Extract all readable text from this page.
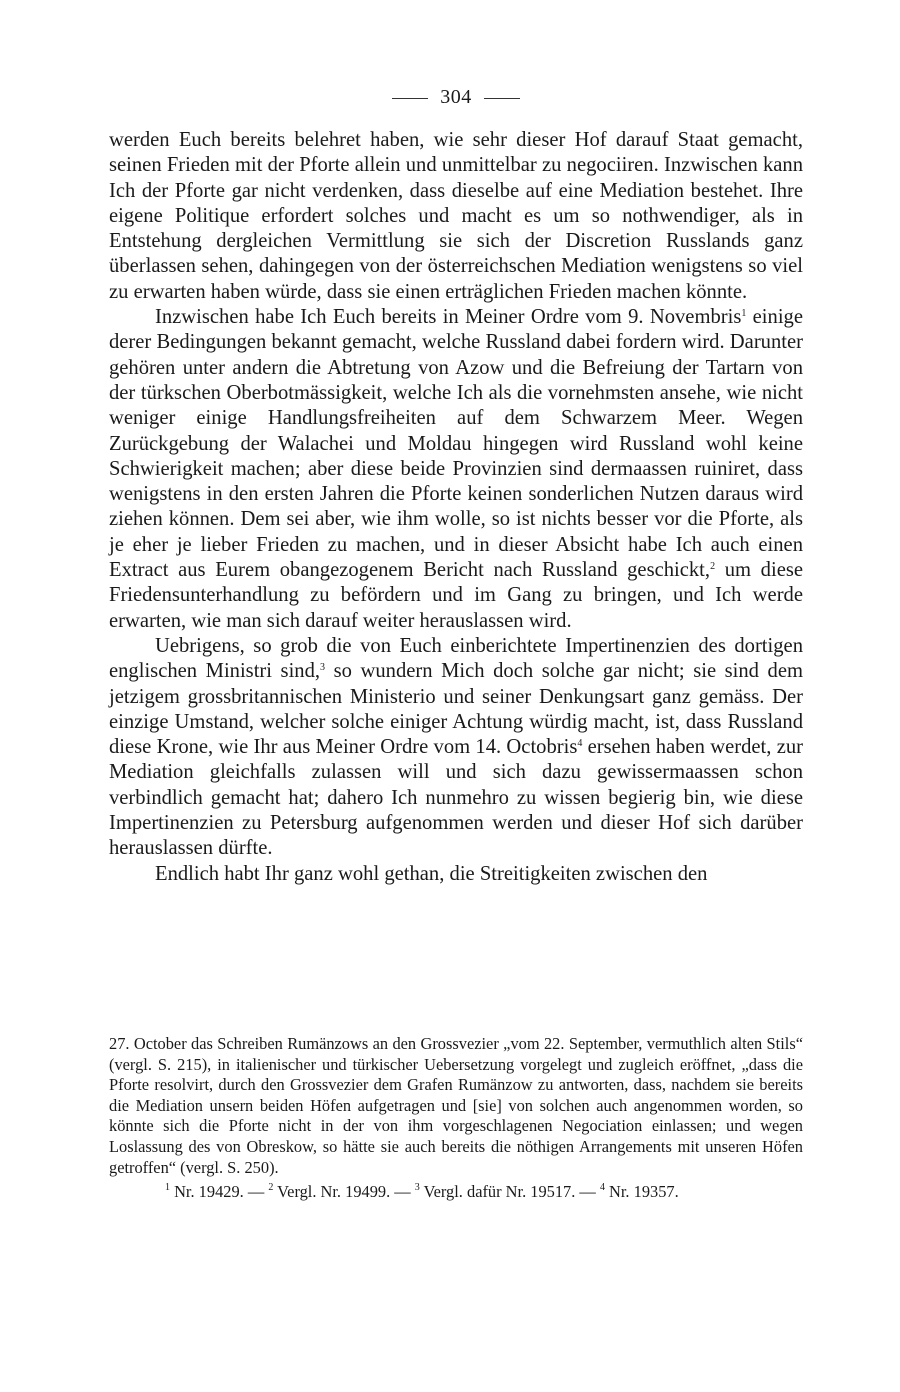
304

werden Euch bereits belehret haben, wie sehr dieser Hof darauf Staat gemacht, seinen Frieden mit der Pforte allein und unmittelbar zu negociiren. Inzwischen kann Ich der Pforte gar nicht verdenken, dass dieselbe auf eine Mediation bestehet. Ihre eigene Politique erfordert solches und macht es um so nothwendiger, als in Entstehung dergleichen Vermittlung sie sich der Discretion Russlands ganz überlassen sehen, dahingegen von der österreichschen Mediation wenigstens so viel zu erwarten haben würde, dass sie einen erträglichen Frieden machen könnte.

Inzwischen habe Ich Euch bereits in Meiner Ordre vom 9. Novembris$^1$ einige derer Bedingungen bekannt gemacht, welche Russland dabei fordern wird. Darunter gehören unter andern die Abtretung von Azow und die Befreiung der Tartarn von der türkschen Oberbotmässigkeit, welche Ich als die vornehmsten ansehe, wie nicht weniger einige Handlungsfreiheiten auf dem Schwarzem Meer. Wegen Zurückgebung der Walachei und Moldau hingegen wird Russland wohl keine Schwierigkeit machen; aber diese beide Provinzien sind dermaassen ruiniret, dass wenigstens in den ersten Jahren die Pforte keinen sonderlichen Nutzen daraus wird ziehen können. Dem sei aber, wie ihm wolle, so ist nichts besser vor die Pforte, als je eher je lieber Frieden zu machen, und in dieser Absicht habe Ich auch einen Extract aus Eurem obangezogenem Bericht nach Russland geschickt,$^2$ um diese Friedensunterhandlung zu befördern und im Gang zu bringen, und Ich werde erwarten, wie man sich darauf weiter herauslassen wird.

Uebrigens, so grob die von Euch einberichtete Impertinenzien des dortigen englischen Ministri sind,$^3$ so wundern Mich doch solche gar nicht; sie sind dem jetzigem grossbritannischen Ministerio und seiner Denkungsart ganz gemäss. Der einzige Umstand, welcher solche einiger Achtung würdig macht, ist, dass Russland diese Krone, wie Ihr aus Meiner Ordre vom 14. Octobris$^4$ ersehen haben werdet, zur Mediation gleichfalls zulassen will und sich dazu gewissermaassen schon verbindlich gemacht hat; dahero Ich nunmehro zu wissen begierig bin, wie diese Impertinenzien zu Petersburg aufgenommen werden und dieser Hof sich darüber herauslassen dürfte.

Endlich habt Ihr ganz wohl gethan, die Streitigkeiten zwischen den

27. October das Schreiben Rumänzows an den Grossvezier „vom 22. September, vermuthlich alten Stils“ (vergl. S. 215), in italienischer und türkischer Uebersetzung vorgelegt und zugleich eröffnet, „dass die Pforte resolvirt, durch den Grossvezier dem Grafen Rumänzow zu antworten, dass, nachdem sie bereits die Mediation unsern beiden Höfen aufgetragen und [sie] von solchen auch angenommen worden, so könnte sich die Pforte nicht in der von ihm vorgeschlagenen Negociation einlassen; und wegen Loslassung des von Obreskow, so hätte sie auch bereits die nöthigen Arrangements mit unseren Höfen getroffen“ (vergl. S. 250).

$^1$ Nr. 19429. — $^2$ Vergl. Nr. 19499. — $^3$ Vergl. dafür Nr. 19517. — $^4$ Nr. 19357.
